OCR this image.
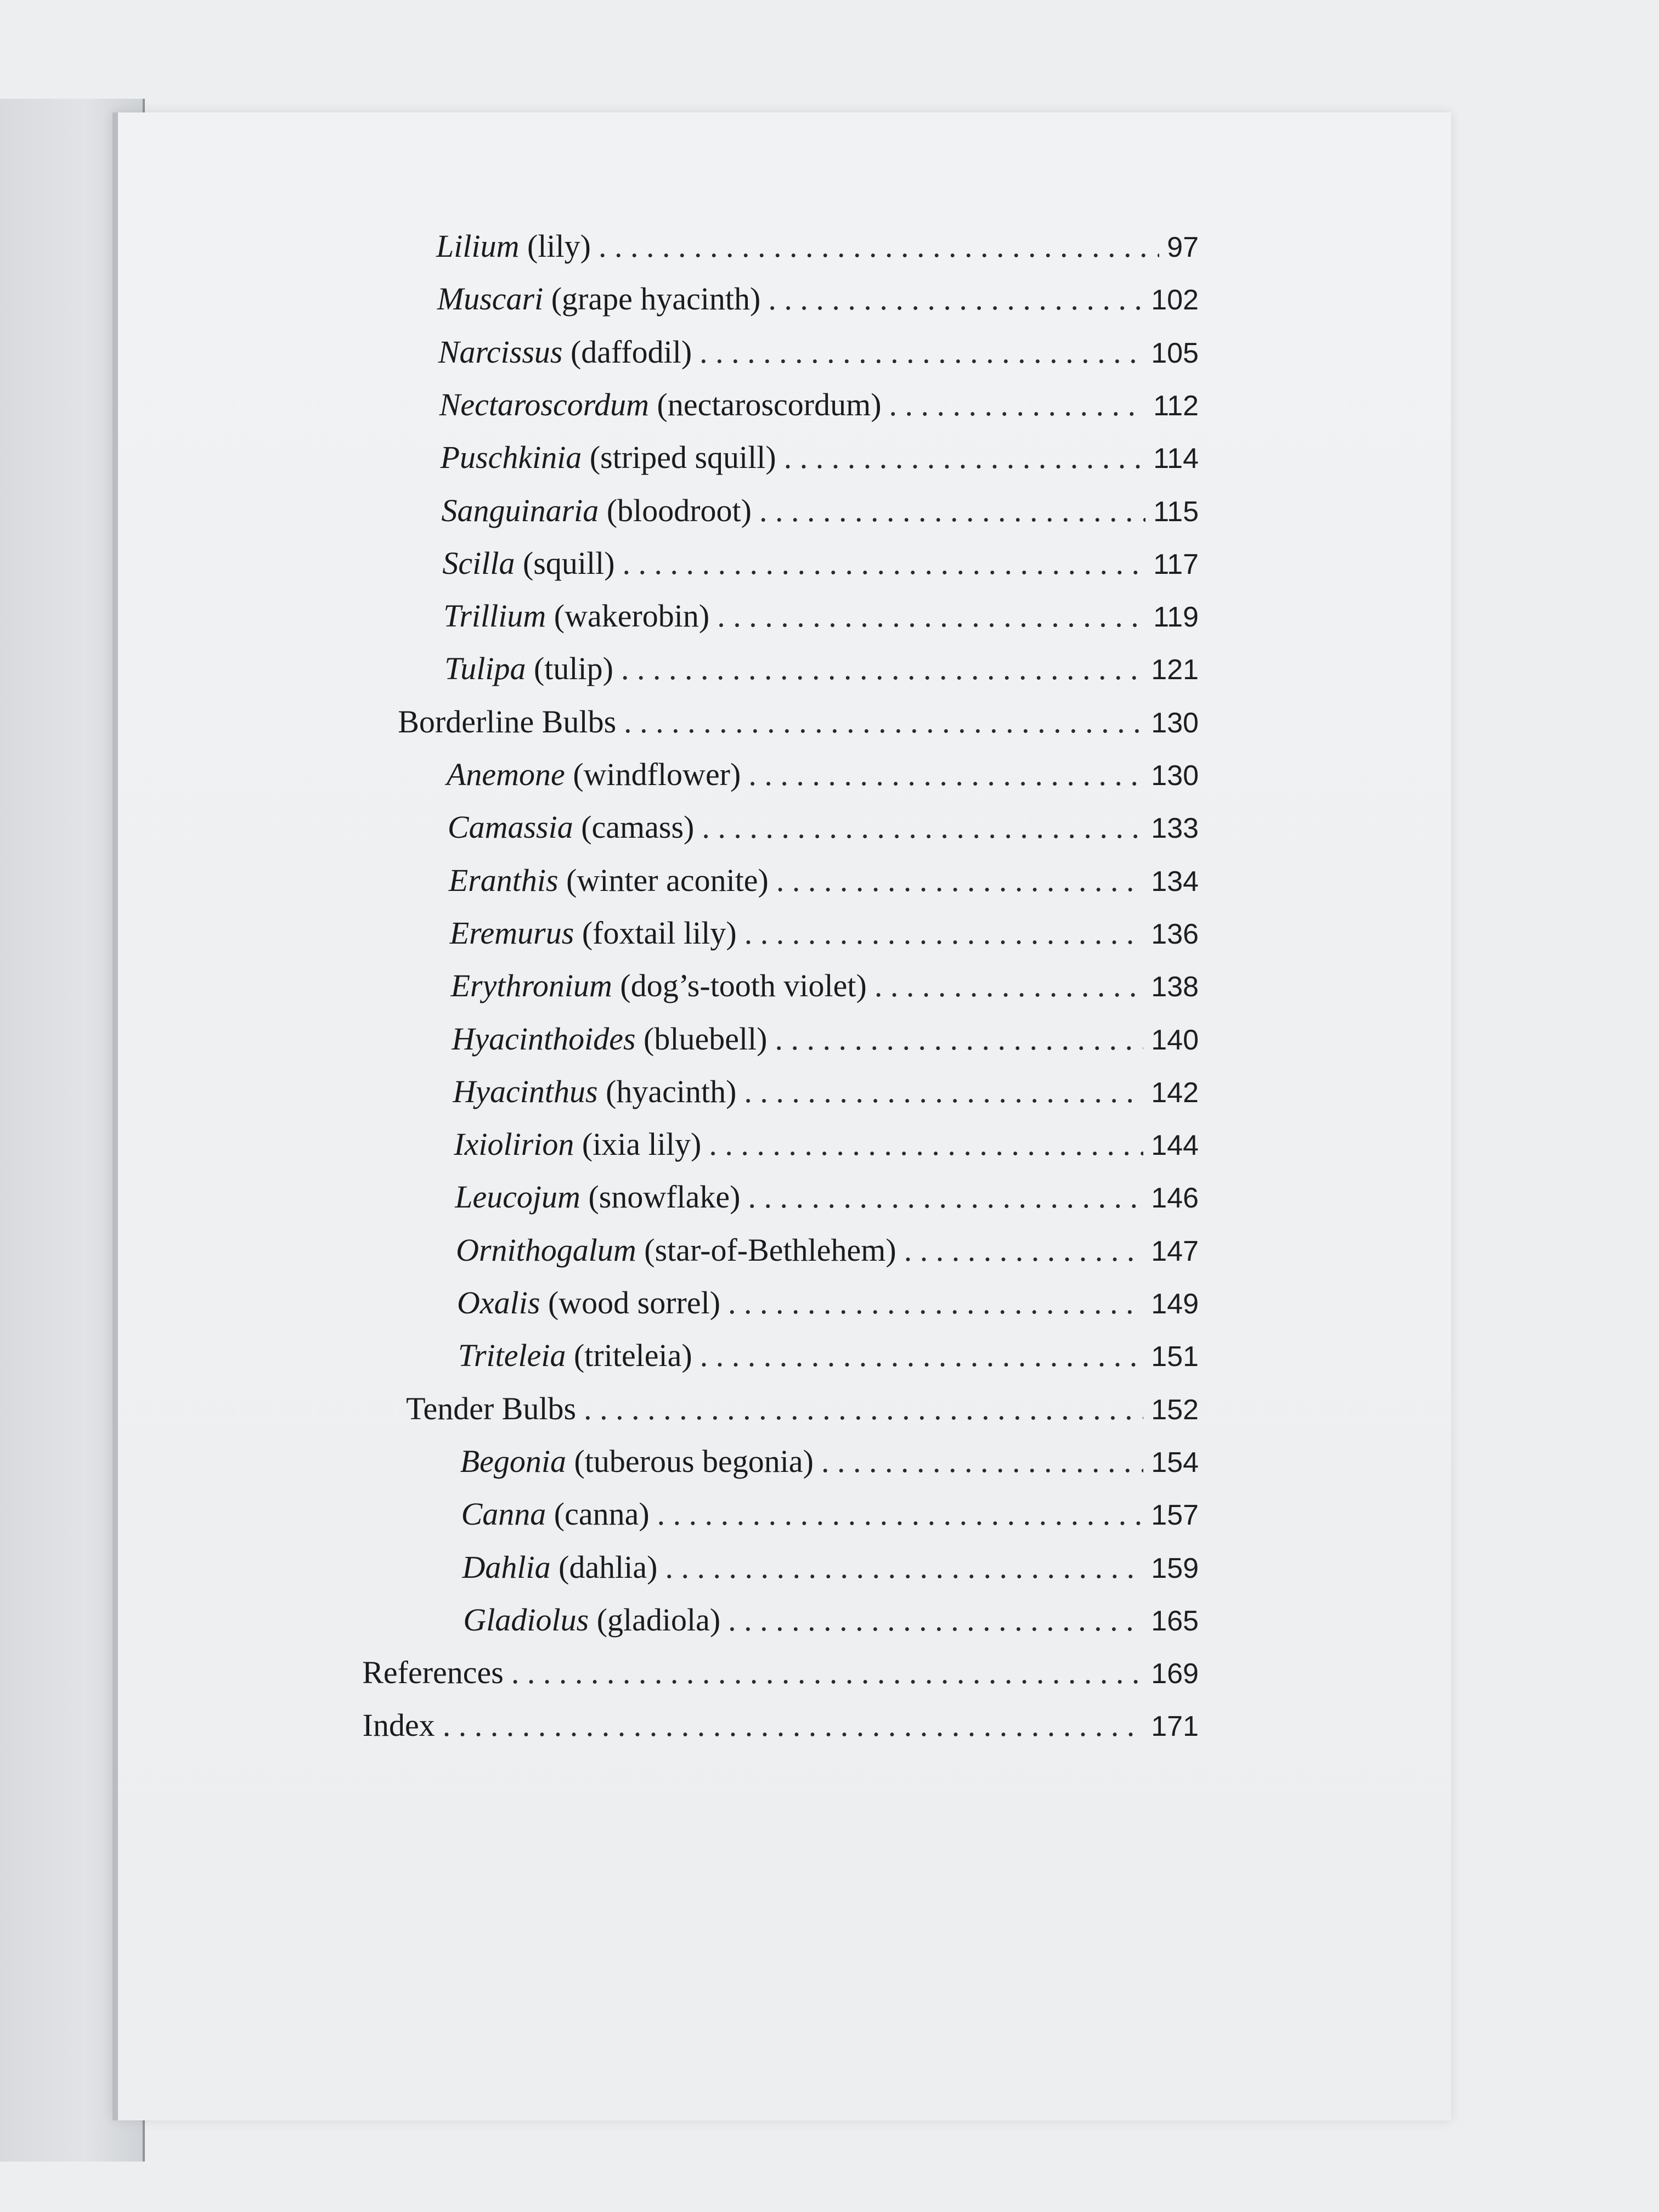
Lilium (lily) . . .	97
Muscari (grape hyacinth) . . .	102
Narcissus (daffodil) . . .	105
Nectaroscordum (nectaroscordum) . . .	112
Puschkinia (striped squill) . . .	114
Sanguinaria (bloodroot) . . .	115
Scilla (squill) . . .	117
Trillium (wakerobin) . . .	119
Tulipa (tulip) . . .	121
Borderline Bulbs . . .	130
Anemone (windflower) . . .	130
Camassia (camass) . . .	133
Eranthis (winter aconite) . . .	134
Eremurus (foxtail lily) . . .	136
Erythronium (dog’s-tooth violet) . . .	138
Hyacinthoides (bluebell) . . .	140
Hyacinthus (hyacinth) . . .	142
Ixiolirion (ixia lily) . . .	144
Leucojum (snowflake) . . .	146
Ornithogalum (star-of-Bethlehem) . . .	147
Oxalis (wood sorrel) . . .	149
Triteleia (triteleia) . . .	151
Tender Bulbs . . .	152
Begonia (tuberous begonia) . . .	154
Canna (canna) . . .	157
Dahlia (dahlia) . . .	159
Gladiolus (gladiola) . . .	165
References . . .	169
Index . . .	171
